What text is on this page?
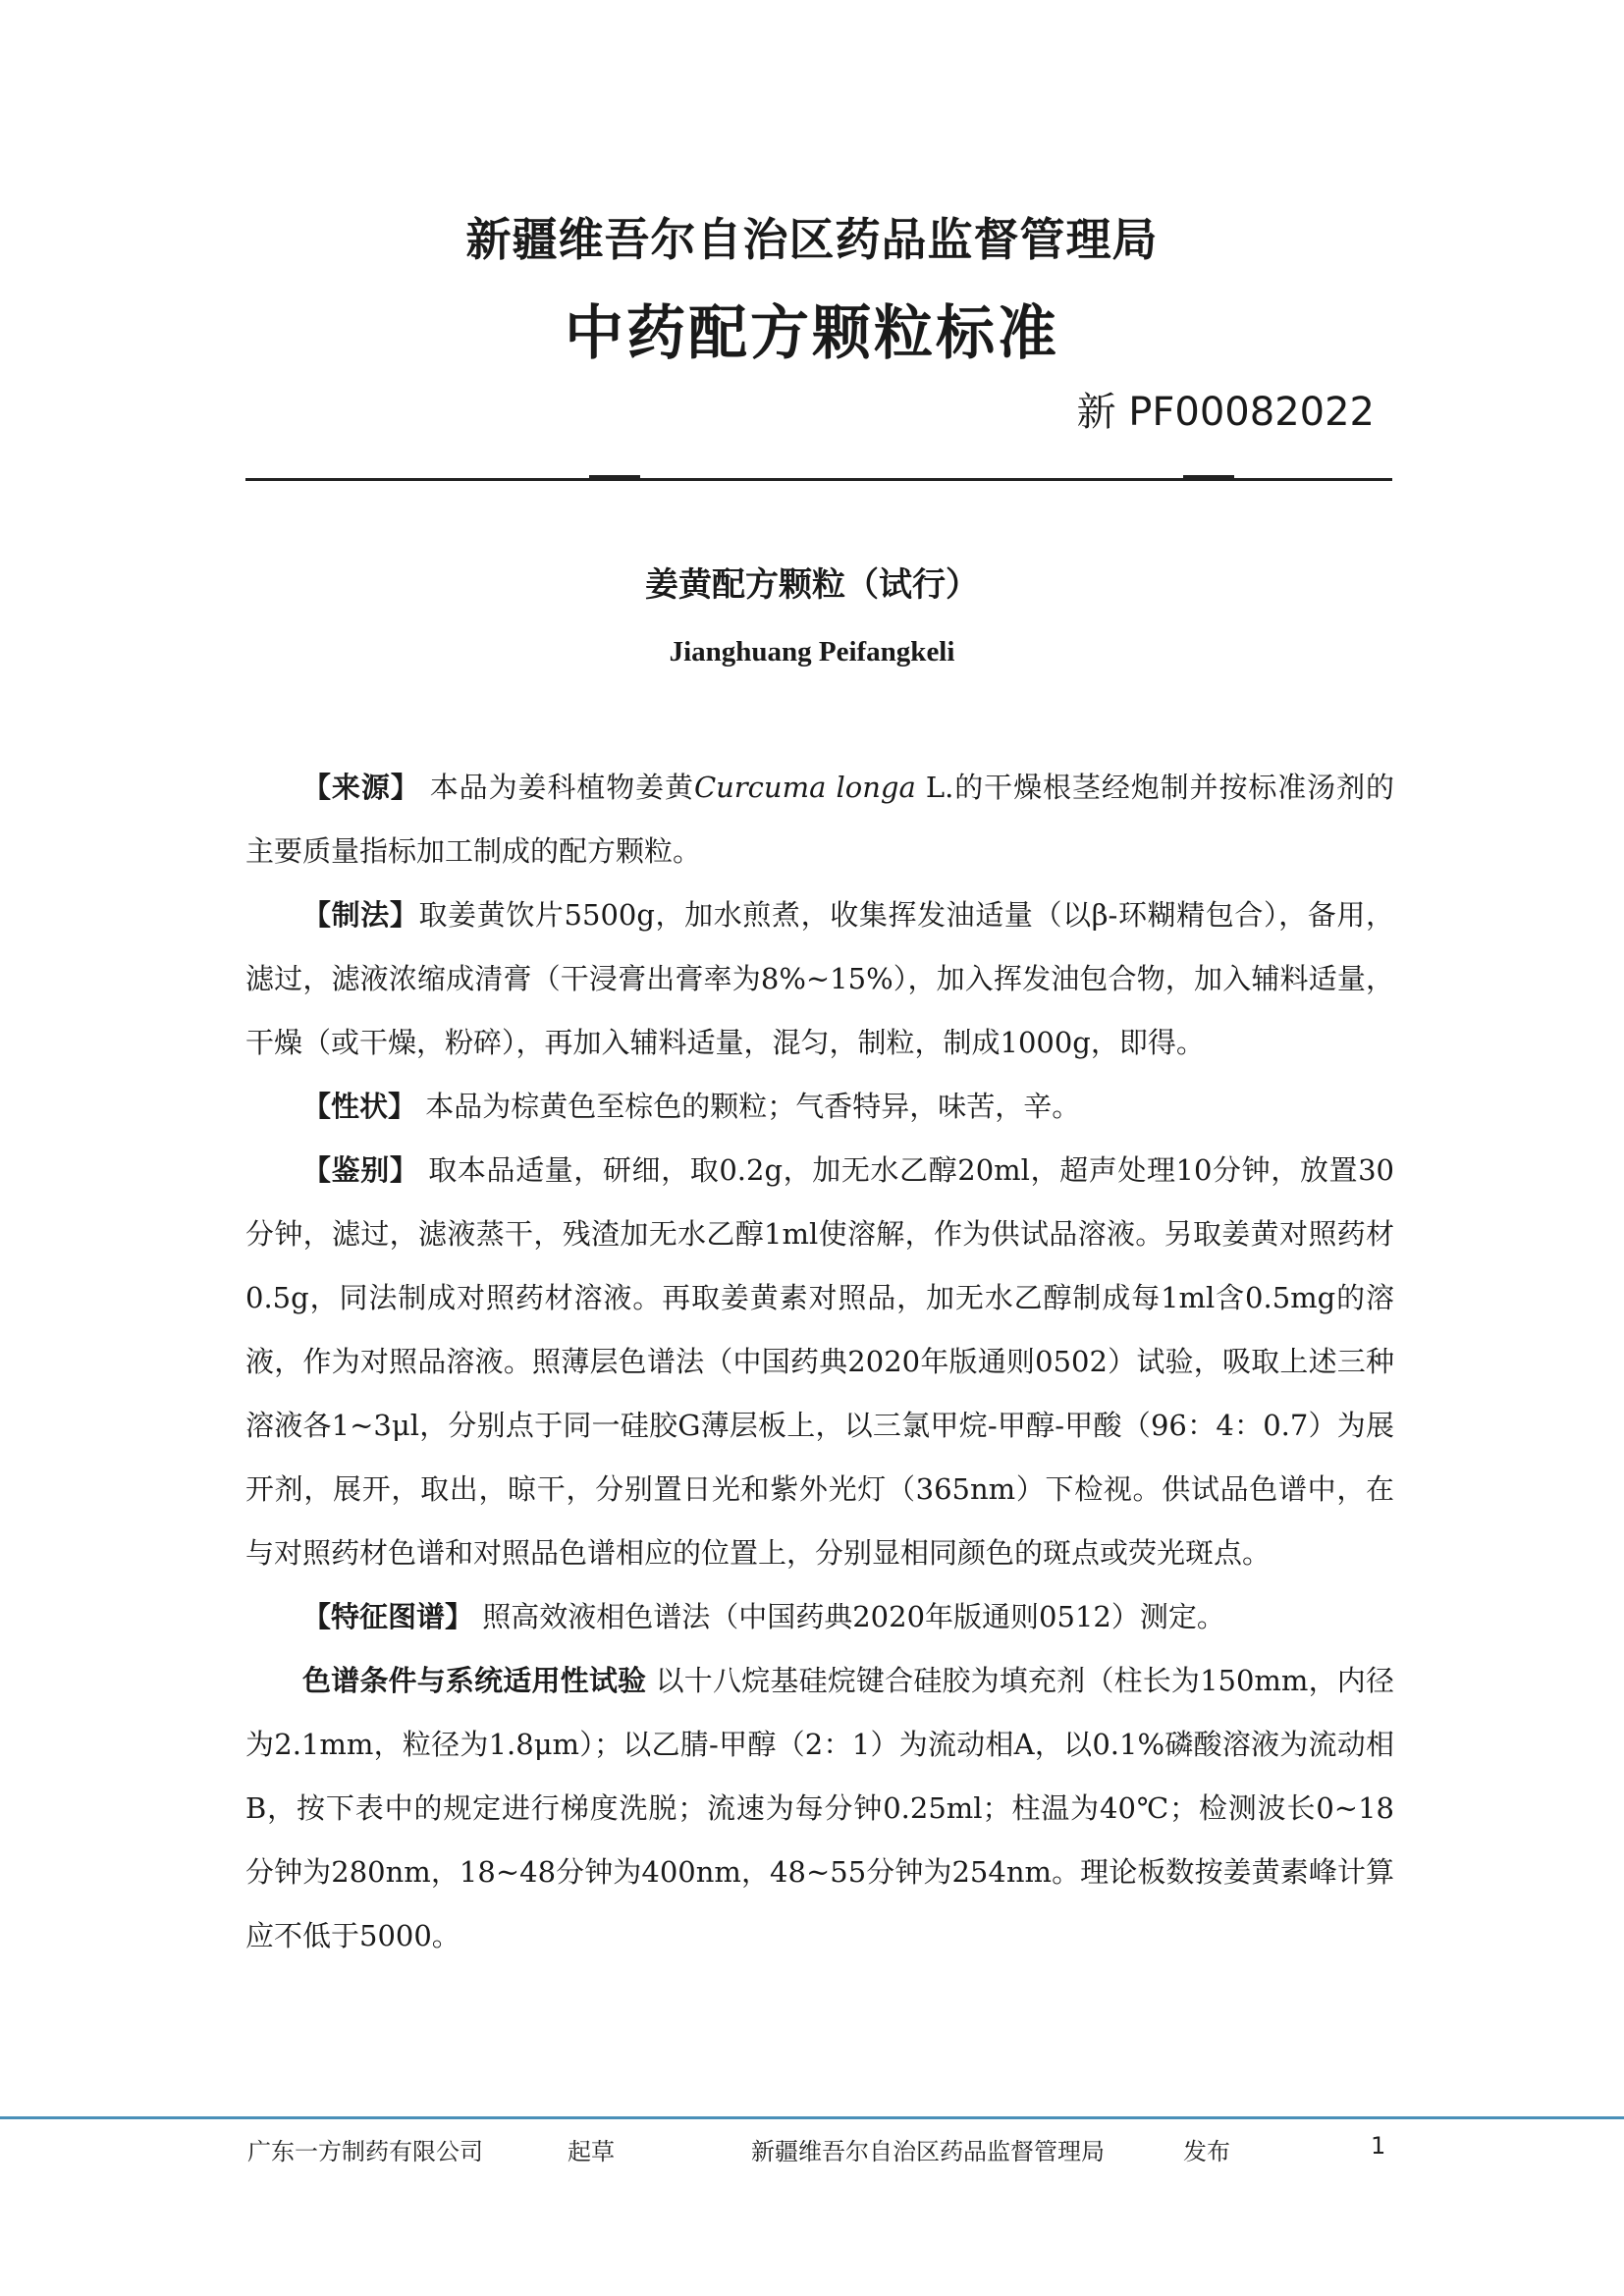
新疆维吾尔自治区药品监督管理局
中药配方颗粒标准
新 PF00082022
姜黄配方颗粒（试行）
Jianghuang Peifangkeli

【来源】 本品为姜科植物姜黄Curcuma longa L.的干燥根茎经炮制并按标准汤剂的主要质量指标加工制成的配方颗粒。

【制法】取姜黄饮片5500g，加水煎煮，收集挥发油适量（以β-环糊精包合），备用，滤过，滤液浓缩成清膏（干浸膏出膏率为8%~15%），加入挥发油包合物，加入辅料适量，干燥（或干燥，粉碎），再加入辅料适量，混匀，制粒，制成1000g，即得。

【性状】 本品为棕黄色至棕色的颗粒；气香特异，味苦，辛。

【鉴别】 取本品适量，研细，取0.2g，加无水乙醇20ml，超声处理10分钟，放置30分钟，滤过，滤液蒸干，残渣加无水乙醇1ml使溶解，作为供试品溶液。另取姜黄对照药材0.5g，同法制成对照药材溶液。再取姜黄素对照品，加无水乙醇制成每1ml含0.5mg的溶液，作为对照品溶液。照薄层色谱法（中国药典2020年版通则0502）试验，吸取上述三种溶液各1~3μl，分别点于同一硅胶G薄层板上，以三氯甲烷-甲醇-甲酸（96：4：0.7）为展开剂，展开，取出，晾干，分别置日光和紫外光灯（365nm）下检视。供试品色谱中，在与对照药材色谱和对照品色谱相应的位置上，分别显相同颜色的斑点或荧光斑点。

【特征图谱】 照高效液相色谱法（中国药典2020年版通则0512）测定。

色谱条件与系统适用性试验 以十八烷基硅烷键合硅胶为填充剂（柱长为150mm，内径为2.1mm，粒径为1.8μm）；以乙腈-甲醇（2：1）为流动相A，以0.1%磷酸溶液为流动相B，按下表中的规定进行梯度洗脱；流速为每分钟0.25ml；柱温为40℃；检测波长0~18分钟为280nm，18~48分钟为400nm，48~55分钟为254nm。理论板数按姜黄素峰计算应不低于5000。

广东一方制药有限公司	起草	新疆维吾尔自治区药品监督管理局	发布	1
